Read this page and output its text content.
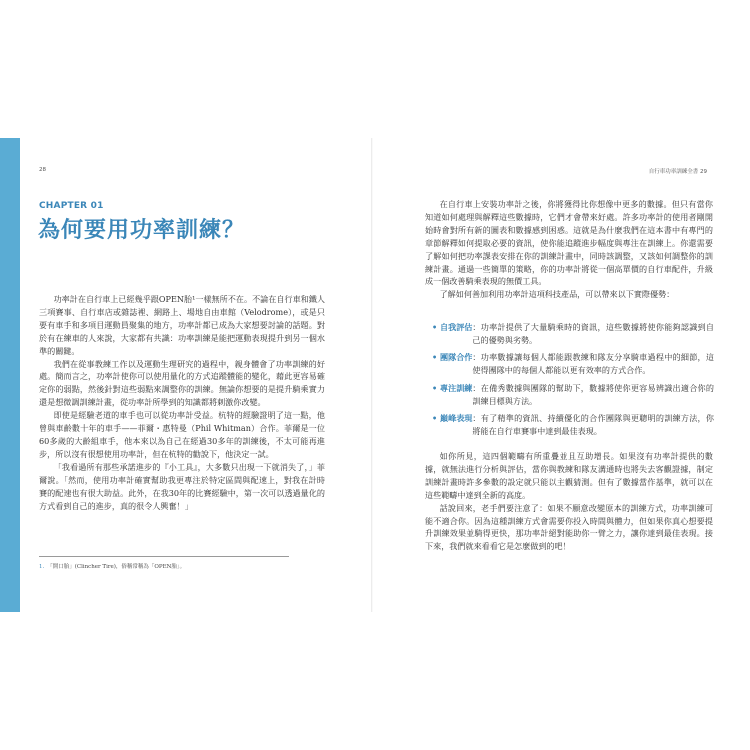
28	自行車功率訓練全書 29
CHAPTER 01
為何要用功率訓練？

功率計在自行車上已經幾乎跟OPEN胎¹一樣無所不在。不論在自行車和鐵人三項賽事、自行車店或雜誌裡、網路上、場地自由車館（Velodrome），或是只要有車手和多項目運動員聚集的地方，功率計都已成為大家想要討論的話題。對於有在練車的人來說，大家都有共識：功率訓練是能把運動表現提升到另一個水準的關鍵。

我們在從事教練工作以及運動生理研究的過程中，親身體會了功率訓練的好處。簡而言之，功率計使你可以使用量化的方式追蹤體能的變化，藉此更容易確定你的弱點，然後針對這些弱點來調整你的訓練。無論你想要的是提升騎乘實力還是想微調訓練計畫，從功率計所學到的知識都將刺激你改變。

即使是經驗老道的車手也可以從功率計受益。杭特的經驗證明了這一點，他曾與車齡數十年的車手——菲爾・惠特曼（Phil Whitman）合作。菲爾是一位60多歲的大齡組車手，他本來以為自己在經過30多年的訓練後，不太可能再進步，所以沒有很想使用功率計，但在杭特的勸說下，他決定一試。

「我看過所有那些承諾進步的『小工具』，大多數只出現一下就消失了，」菲爾說。「然而，使用功率計確實幫助我更專注於特定區間與配速上，對我在計時賽的配速也有很大助益。此外，在我30年的比賽經驗中，第一次可以透過量化的方式看到自己的進步，真的很令人興奮！」

1. 「開口胎」(Clincher Tire)，俗稱常稱為「OPEN胎」。

在自行車上安裝功率計之後，你將獲得比你想像中更多的數據。但只有當你知道如何處理與解釋這些數據時，它們才會帶來好處。許多功率計的使用者剛開始時會對所有新的圖表和數據感到困惑。這就是為什麼我們在這本書中有專門的章節解釋如何提取必要的資訊，使你能追蹤進步幅度與專注在訓練上。你還需要了解如何把功率課表安排在你的訓練計畫中，同時該調整，又該如何調整你的訓練計畫。通過一些簡單的策略，你的功率計將從一個高單價的自行車配件，升級成一個改善騎乘表現的無價工具。

了解如何善加利用功率計這項科技產品，可以帶來以下實際優勢：

• 自我評估 ：功率計提供了大量騎乘時的資訊，這些數據將使你能夠認識到自己的優勢與劣勢。
• 團隊合作 ：功率數據讓每個人都能跟教練和隊友分享騎車過程中的細節，這使得團隊中的每個人都能以更有效率的方式合作。
• 專注訓練 ：在備秀數據與團隊的幫助下，數據將使你更容易辨識出適合你的訓練目標與方法。
• 巔峰表現 ：有了精準的資訊、持續優化的合作團隊與更聰明的訓練方法，你將能在自行車賽事中達到最佳表現。

如你所見，這四個範疇有所重疊並且互助增長。如果沒有功率計提供的數據，就無法進行分析與評估，當你與教練和隊友溝通時也將失去客觀證據，制定訓練計畫時許多參數的設定就只能以主觀猜測。但有了數據當作基準，就可以在這些範疇中達到全新的高度。

話說回來，老手們要注意了：如果不願意改變原本的訓練方式，功率訓練可能不適合你。因為這種訓練方式會需要你投入時間與體力，但如果你真心想要提升訓練效果並騎得更快，那功率計絕對能助你一臂之力，讓你達到最佳表現。接下來，我們就來看看它是怎麼做到的吧！
